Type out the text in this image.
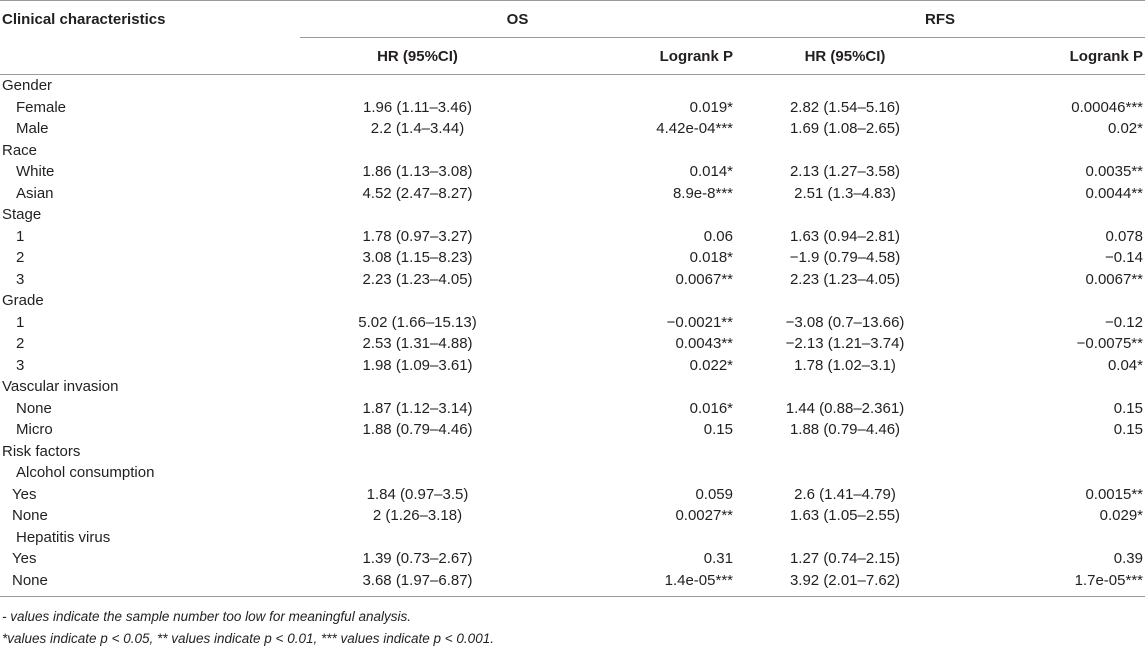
Clinical characteristics	OS		RFS	
	HR (95%CI)	Logrank P	HR (95%CI)	Logrank P
Gender				
Female	1.96 (1.11–3.46)	0.019*	2.82 (1.54–5.16)	0.00046***
Male	2.2 (1.4–3.44)	4.42e-04***	1.69 (1.08–2.65)	0.02*
Race				
White	1.86 (1.13–3.08)	0.014*	2.13 (1.27–3.58)	0.0035**
Asian	4.52 (2.47–8.27)	8.9e-8***	2.51 (1.3–4.83)	0.0044**
Stage				
1	1.78 (0.97–3.27)	0.06	1.63 (0.94–2.81)	0.078
2	3.08 (1.15–8.23)	0.018*	−1.9 (0.79–4.58)	−0.14
3	2.23 (1.23–4.05)	0.0067**	2.23 (1.23–4.05)	0.0067**
Grade				
1	5.02 (1.66–15.13)	−0.0021**	−3.08 (0.7–13.66)	−0.12
2	2.53 (1.31–4.88)	0.0043**	−2.13 (1.21–3.74)	−0.0075**
3	1.98 (1.09–3.61)	0.022*	1.78 (1.02–3.1)	0.04*
Vascular invasion				
None	1.87 (1.12–3.14)	0.016*	1.44 (0.88–2.361)	0.15
Micro	1.88 (0.79–4.46)	0.15	1.88 (0.79–4.46)	0.15
Risk factors				
Alcohol consumption				
Yes	1.84 (0.97–3.5)	0.059	2.6 (1.41–4.79)	0.0015**
None	2 (1.26–3.18)	0.0027**	1.63 (1.05–2.55)	0.029*
Hepatitis virus				
Yes	1.39 (0.73–2.67)	0.31	1.27 (0.74–2.15)	0.39
None	3.68 (1.97–6.87)	1.4e-05***	3.92 (2.01–7.62)	1.7e-05***
- values indicate the sample number too low for meaningful analysis.
*values indicate p < 0.05, ** values indicate p < 0.01, *** values indicate p < 0.001.
